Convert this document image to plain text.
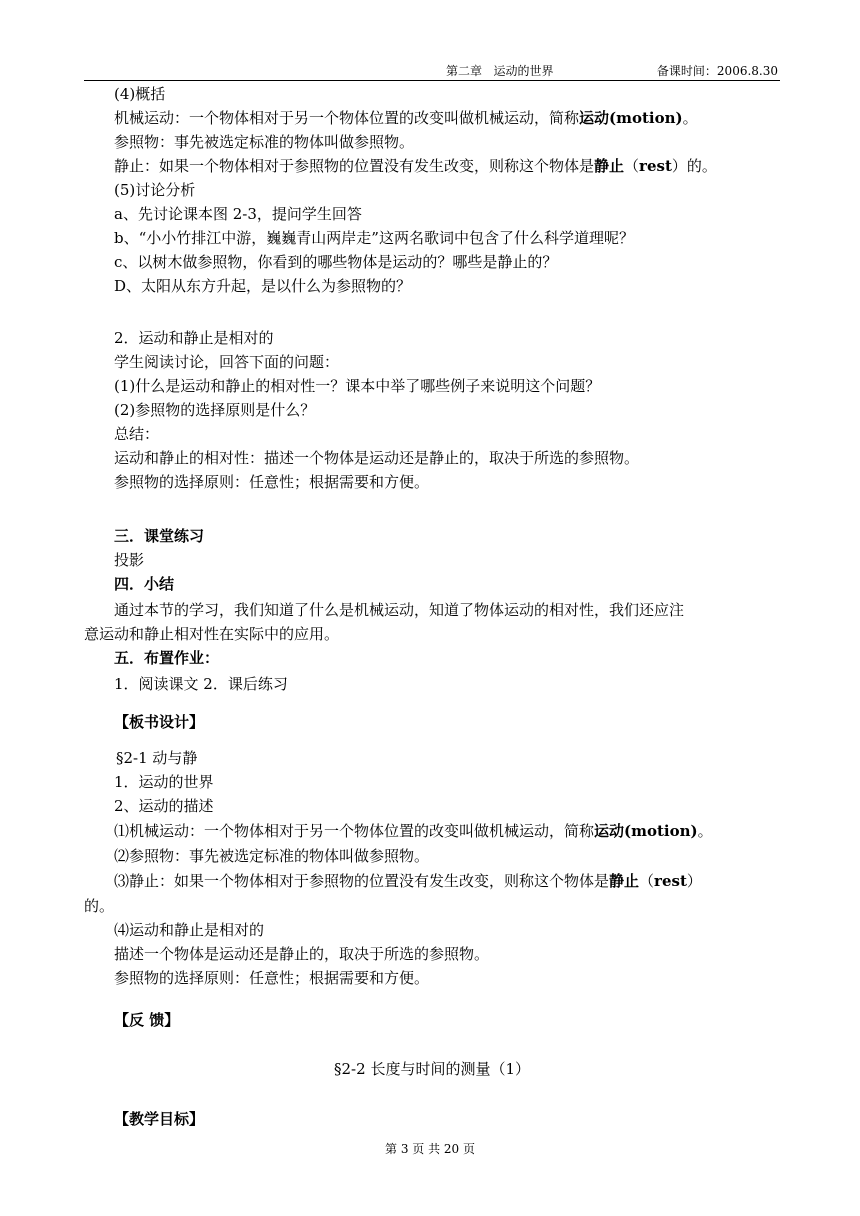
第二章   运动的世界	备课时间：2006.8.30
(4)概括
机械运动：一个物体相对于另一个物体位置的改变叫做机械运动，简称运动(motion)。
参照物：事先被选定标准的物体叫做参照物。
静止：如果一个物体相对于参照物的位置没有发生改变，则称这个物体是静止（rest）的。
(5)讨论分析
a、先讨论课本图 2-3，提问学生回答
b、“小小竹排江中游，巍巍青山两岸走”这两名歌词中包含了什么科学道理呢？
c、以树木做参照物，你看到的哪些物体是运动的？哪些是静止的？
D、太阳从东方升起，是以什么为参照物的？
2．运动和静止是相对的
学生阅读讨论，回答下面的问题：
(1)什么是运动和静止的相对性一？课本中举了哪些例子来说明这个问题？
(2)参照物的选择原则是什么？
总结：
运动和静止的相对性：描述一个物体是运动还是静止的，取决于所选的参照物。
参照物的选择原则：任意性；根据需要和方便。
三．课堂练习
投影
四．小结
通过本节的学习，我们知道了什么是机械运动，知道了物体运动的相对性，我们还应注
意运动和静止相对性在实际中的应用。
五．布置作业：
1．阅读课文 2．课后练习
【板书设计】
§2-1 动与静
1．运动的世界
2、运动的描述
⑴机械运动：一个物体相对于另一个物体位置的改变叫做机械运动，简称运动(motion)。
⑵参照物：事先被选定标准的物体叫做参照物。
⑶静止：如果一个物体相对于参照物的位置没有发生改变，则称这个物体是静止（rest）
的。
⑷运动和静止是相对的
描述一个物体是运动还是静止的，取决于所选的参照物。
参照物的选择原则：任意性；根据需要和方便。
【反 馈】
§2-2 长度与时间的测量（1）
【教学目标】
第 3 页 共 20 页
